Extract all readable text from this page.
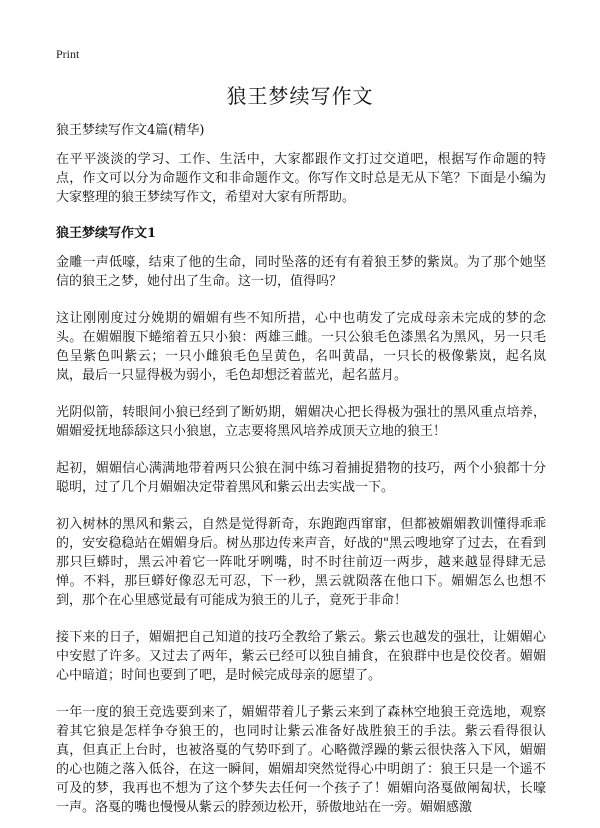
Print
狼王梦续写作文

狼王梦续写作文4篇(精华)

在平平淡淡的学习、工作、生活中，大家都跟作文打过交道吧，根据写作命题的特点，作文可以分为命题作文和非命题作文。你写作文时总是无从下笔？下面是小编为大家整理的狼王梦续写作文，希望对大家有所帮助。

狼王梦续写作文1

金雕一声低嚎，结束了他的生命，同时坠落的还有有着狼王梦的紫岚。为了那个她坚信的狼王之梦，她付出了生命。这一切，值得吗？

这让刚刚度过分娩期的媚媚有些不知所措，心中也萌发了完成母亲未完成的梦的念头。在媚媚腹下蜷缩着五只小狼：两雄三雌。一只公狼毛色漆黑名为黑风，另一只毛色呈紫色叫紫云；一只小雌狼毛色呈黄色，名叫黄晶，一只长的极像紫岚，起名岚岚，最后一只显得极为弱小，毛色却想泛着蓝光，起名蓝月。

光阴似箭，转眼间小狼已经到了断奶期，媚媚决心把长得极为强壮的黑风重点培养，媚媚爱抚地舔舔这只小狼崽，立志要将黑风培养成顶天立地的狼王！

起初，媚媚信心满满地带着两只公狼在洞中练习着捕捉猎物的技巧，两个小狼都十分聪明，过了几个月媚媚决定带着黑风和紫云出去实战一下。

初入树林的黑风和紫云，自然是觉得新奇，东跑跑西窜窜，但都被媚媚教训懂得乖乖的，安安稳稳站在媚媚身后。树丛那边传来声音，好战的"黑云嗖地穿了过去，在看到那只巨蟒时，黑云冲着它一阵吡牙咧嘴，时不时往前迈一两步，越来越显得肆无忌惮。不料，那巨蟒好像忍无可忍，下一秒，黑云就陨落在他口下。媚媚怎么也想不到，那个在心里感觉最有可能成为狼王的儿子，竟死于非命！

接下来的日子，媚媚把自己知道的技巧全教给了紫云。紫云也越发的强壮，让媚媚心中安慰了许多。又过去了两年，紫云已经可以独自捕食，在狼群中也是佼佼者。媚媚心中暗道；时间也要到了吧，是时候完成母亲的愿望了。

一年一度的狼王竞选要到来了，媚媚带着儿子紫云来到了森林空地狼王竞选地，观察着其它狼是怎样争夺狼王的，也同时让紫云准备好战胜狼王的手法。紫云看得很认真，但真正上台时，也被洛戛的气势吓到了。心略微浮躁的紫云很快落入下风，媚媚的心也随之落入低谷，在这一瞬间，媚媚却突然觉得心中明朗了：狼王只是一个遥不可及的梦，我再也不想为了这个梦失去任何一个孩子了！媚媚向洛戛做阐匐状，长嚎一声。洛戛的嘴也慢慢从紫云的脖颈边松开，骄傲地站在一旁。媚媚感激
